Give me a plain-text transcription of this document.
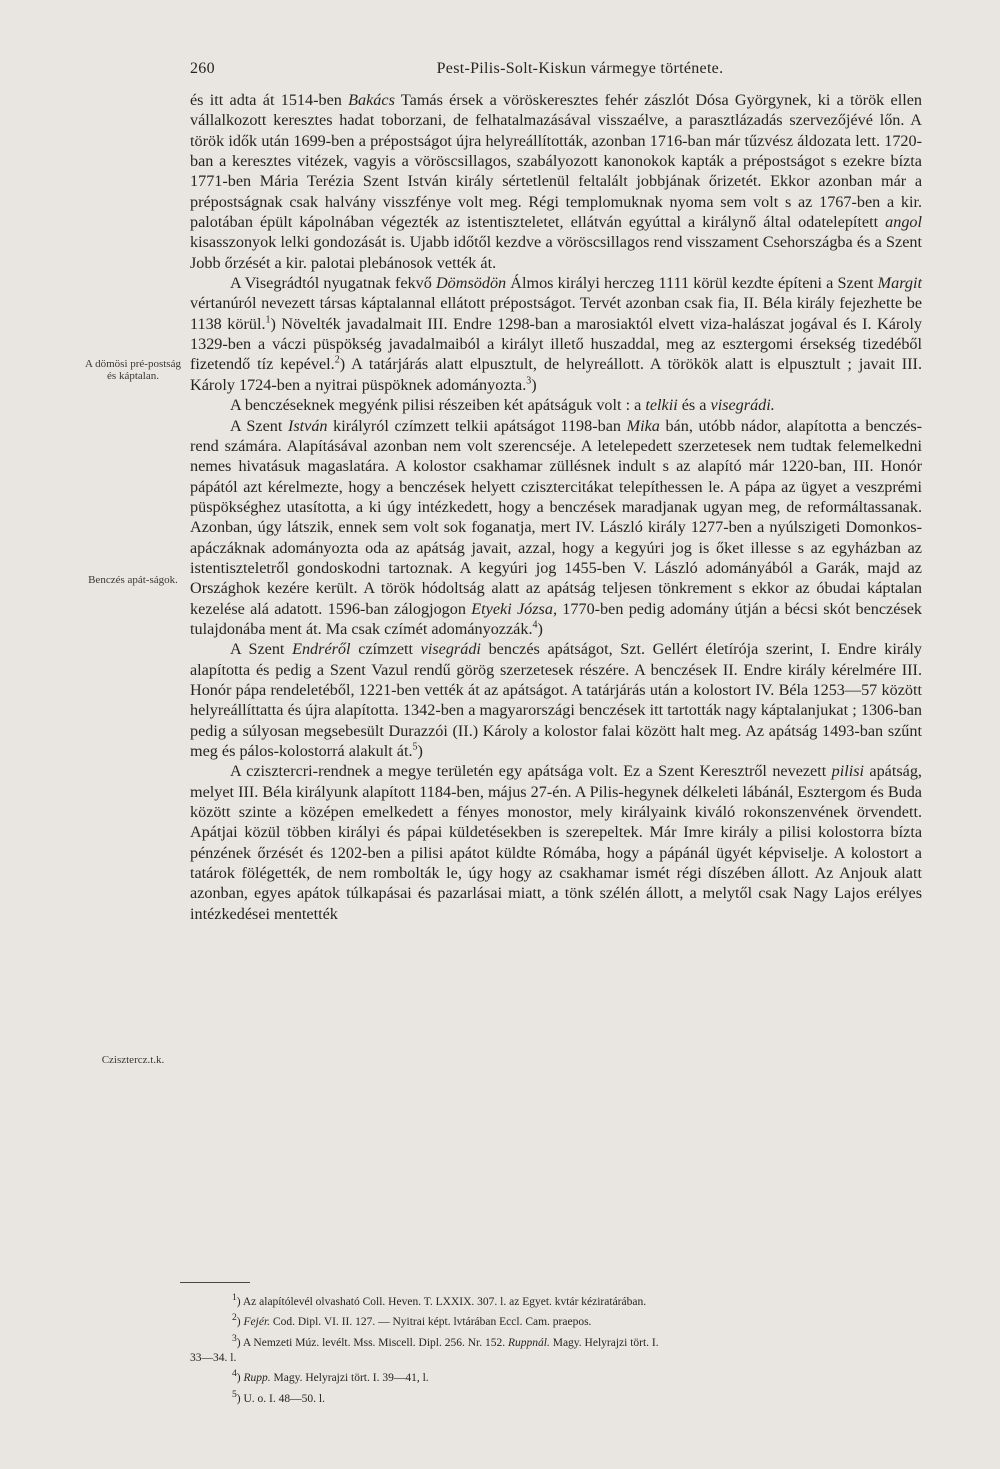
260	Pest-Pilis-Solt-Kiskun vármegye története.
A dömösi pré-postság és káptalan.
Benczés apát-ságok.
Czisztercz.t.k.

és itt adta át 1514-ben Bakács Tamás érsek a vöröskeresztes fehér zászlót Dósa Györgynek, ki a török ellen vállalkozott keresztes hadat toborzani, de felhatalmazásával visszaélve, a parasztlázadás szervezőjévé lőn. A török idők után 1699-ben a prépostságot újra helyreállították, azonban 1716-ban már tűzvész áldozata lett. 1720-ban a keresztes vitézek, vagyis a vöröscsillagos, szabályozott kanonokok kapták a prépostságot s ezekre bízta 1771-ben Mária Terézia Szent István király sértetlenül feltalált jobbjának őrizetét. Ekkor azonban már a prépostságnak csak halvány visszfénye volt meg. Régi templomuknak nyoma sem volt s az 1767-ben a kir. palotában épült kápolnában végezték az istentiszteletet, ellátván egyúttal a királynő által odatelepített angol kisasszonyok lelki gondozását is. Ujabb időtől kezdve a vöröscsillagos rend visszament Csehországba és a Szent Jobb őrzését a kir. palotai plebánosok vették át.

A Visegrádtól nyugatnak fekvő Dömsödön Álmos királyi herczeg 1111 körül kezdte építeni a Szent Margit vértanúról nevezett társas káptalannal ellátott prépostságot. Tervét azonban csak fia, II. Béla király fejezhette be 1138 körül.$^1$) Növelték javadalmait III. Endre 1298-ban a marosiaktól elvett viza-halászat jogával és I. Károly 1329-ben a váczi püspökség javadalmaiból a királyt illető huszaddal, meg az esztergomi érsekség tizedéből fizetendő tíz kepével.$^2$) A tatárjárás alatt elpusztult, de helyreállott. A törökök alatt is elpusztult ; javait III. Károly 1724-ben a nyitrai püspöknek adományozta.$^3$)

A benczéseknek megyénk pilisi részeiben két apátságuk volt : a telkii és a visegrádi.

A Szent István királyról czímzett telkii apátságot 1198-ban Mika bán, utóbb nádor, alapította a benczés-rend számára. Alapításával azonban nem volt szerencséje. A letelepedett szerzetesek nem tudtak felemelkedni nemes hivatásuk magaslatára. A kolostor csakhamar züllésnek indult s az alapító már 1220-ban, III. Honór pápától azt kérelmezte, hogy a benczések helyett czisztercitákat telepíthessen le. A pápa az ügyet a veszprémi püspökséghez utasította, a ki úgy intézkedett, hogy a benczések maradjanak ugyan meg, de reformáltassanak. Azonban, úgy látszik, ennek sem volt sok foganatja, mert IV. László király 1277-ben a nyúlszigeti Domonkos-apáczáknak adományozta oda az apátság javait, azzal, hogy a kegyúri jog is őket illesse s az egyházban az istentiszteletről gondoskodni tartoznak. A kegyúri jog 1455-ben V. László adományából a Garák, majd az Országhok kezére került. A török hódoltság alatt az apátság teljesen tönkrement s ekkor az óbudai káptalan kezelése alá adatott. 1596-ban zálogjogon Etyeki Józsa, 1770-ben pedig adomány útján a bécsi skót benczések tulajdonába ment át. Ma csak czímét adományozzák.$^4$)

A Szent Endréről czímzett visegrádi benczés apátságot, Szt. Gellért életírója szerint, I. Endre király alapította és pedig a Szent Vazul rendű görög szerzetesek részére. A benczések II. Endre király kérelmére III. Honór pápa rendeletéből, 1221-ben vették át az apátságot. A tatárjárás után a kolostort IV. Béla 1253—57 között helyreállíttatta és újra alapította. 1342-ben a magyarországi benczések itt tartották nagy káptalanjukat ; 1306-ban pedig a súlyosan megsebesült Durazzói (II.) Károly a kolostor falai között halt meg. Az apátság 1493-ban szűnt meg és pálos-kolostorrá alakult át.$^5$)

A czisztercri-rendnek a megye területén egy apátsága volt. Ez a Szent Keresztről nevezett pilisi apátság, melyet III. Béla királyunk alapított 1184-ben, május 27-én. A Pilis-hegynek délkeleti lábánál, Esztergom és Buda között szinte a középen emelkedett a fényes monostor, mely királyaink kiváló rokonszenvének örvendett. Apátjai közül többen királyi és pápai küldetésekben is szerepeltek. Már Imre király a pilisi kolostorra bízta pénzének őrzését és 1202-ben a pilisi apátot küldte Rómába, hogy a pápánál ügyét képviselje. A kolostort a tatárok fölégették, de nem rombolták le, úgy hogy az csakhamar ismét régi díszében állott. Az Anjouk alatt azonban, egyes apátok túlkapásai és pazarlásai miatt, a tönk szélén állott, a melytől csak Nagy Lajos erélyes intézkedései mentették

$^1$) Az alapítólevél olvasható Coll. Heven. T. LXXIX. 307. l. az Egyet. kvtár kéziratárában.
$^2$) Fejér. Cod. Dipl. VI. II. 127. — Nyitrai képt. lvtárában Eccl. Cam. praepos.
$^3$) A Nemzeti Múz. levélt. Mss. Miscell. Dipl. 256. Nr. 152. Ruppnál. Magy. Helyrajzi tört. I.
33—34. l.
$^4$) Rupp. Magy. Helyrajzi tört. I. 39—41, l.
$^5$) U. o. I. 48—50. l.
